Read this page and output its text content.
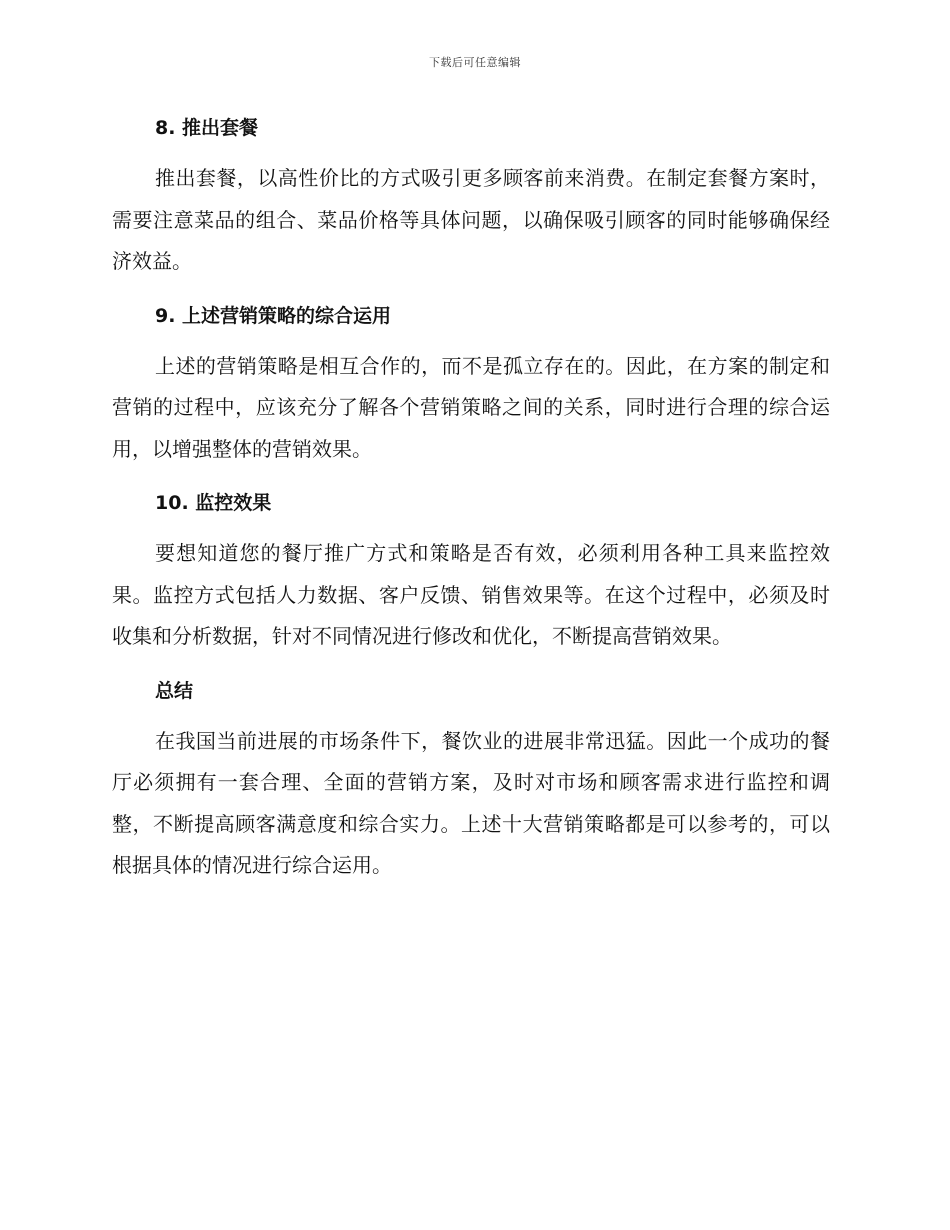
下载后可任意编辑
8. 推出套餐

推出套餐，以高性价比的方式吸引更多顾客前来消费。在制定套餐方案时，需要注意菜品的组合、菜品价格等具体问题，以确保吸引顾客的同时能够确保经济效益。

9. 上述营销策略的综合运用

上述的营销策略是相互合作的，而不是孤立存在的。因此，在方案的制定和营销的过程中，应该充分了解各个营销策略之间的关系，同时进行合理的综合运用，以增强整体的营销效果。

10. 监控效果

要想知道您的餐厅推广方式和策略是否有效，必须利用各种工具来监控效果。监控方式包括人力数据、客户反馈、销售效果等。在这个过程中，必须及时收集和分析数据，针对不同情况进行修改和优化，不断提高营销效果。

总结

在我国当前进展的市场条件下，餐饮业的进展非常迅猛。因此一个成功的餐厅必须拥有一套合理、全面的营销方案，及时对市场和顾客需求进行监控和调整，不断提高顾客满意度和综合实力。上述十大营销策略都是可以参考的，可以根据具体的情况进行综合运用。
